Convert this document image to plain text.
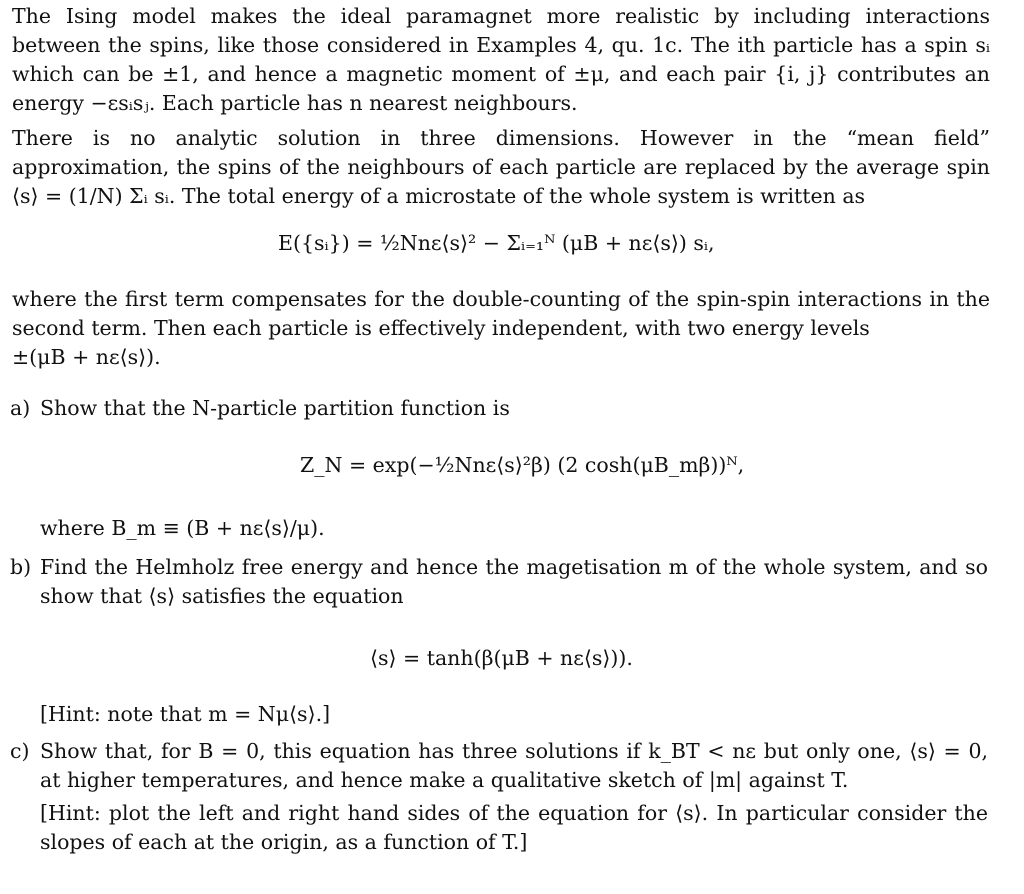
The Ising model makes the ideal paramagnet more realistic by including interactions between the spins, like those considered in Examples 4, qu. 1c. The ith particle has a spin sᵢ which can be ±1, and hence a magnetic moment of ±μ, and each pair {i, j} contributes an energy −εsᵢsⱼ. Each particle has n nearest neighbours.

There is no analytic solution in three dimensions. However in the “mean field” approximation, the spins of the neighbours of each particle are replaced by the average spin ⟨s⟩ = (1/N) Σᵢ sᵢ. The total energy of a microstate of the whole system is written as

E({sᵢ}) = ½Nnε⟨s⟩² − Σᵢ₌₁ᴺ (μB + nε⟨s⟩) sᵢ,

where the first term compensates for the double-counting of the spin-spin interactions in the second term. Then each particle is effectively independent, with two energy levels

±(μB + nε⟨s⟩).
a) Show that the N-particle partition function is

Z_N = exp(−½Nnε⟨s⟩²β) (2 cosh(μB_mβ))ᴺ,
where B_m ≡ (B + nε⟨s⟩/μ).
b) Find the Helmholz free energy and hence the magetisation m of the whole system, and so show that ⟨s⟩ satisfies the equation

⟨s⟩ = tanh(β(μB + nε⟨s⟩)).
[Hint: note that m = Nμ⟨s⟩.]
c) Show that, for B = 0, this equation has three solutions if k_BT < nε but only one, ⟨s⟩ = 0, at higher temperatures, and hence make a qualitative sketch of |m| against T.

[Hint: plot the left and right hand sides of the equation for ⟨s⟩. In particular consider the slopes of each at the origin, as a function of T.]
